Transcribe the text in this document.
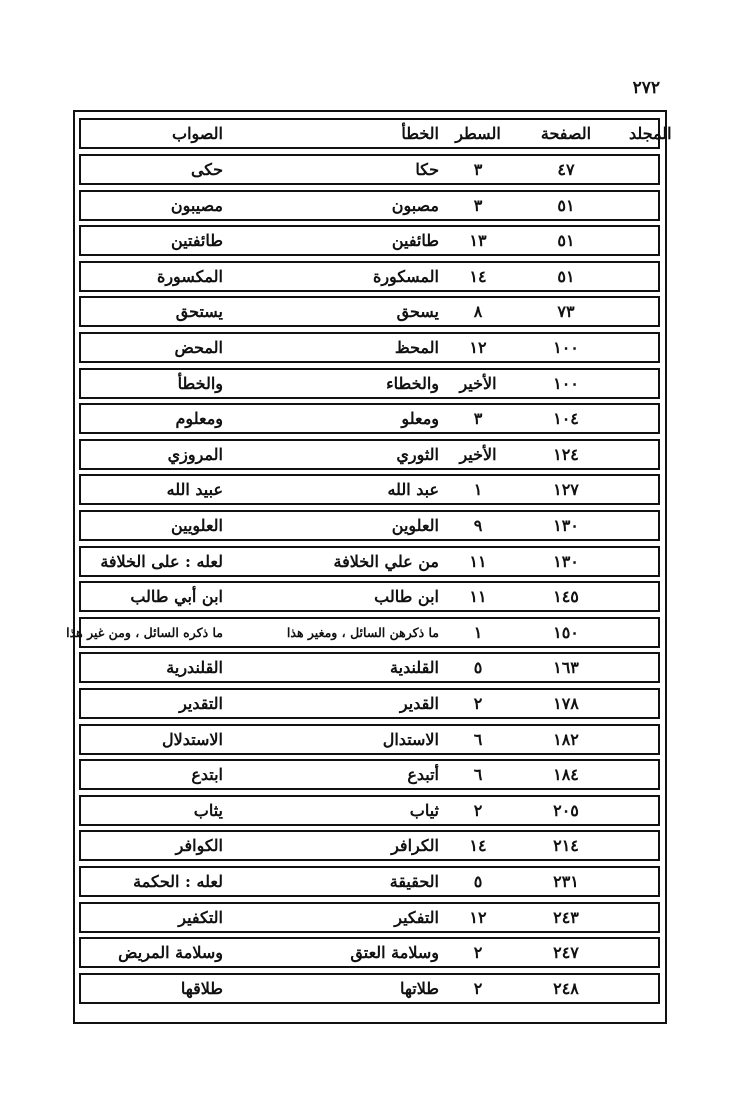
٢٧٢
المجلد
الصفحة
السطر
الخطأ
الصواب
٤٧
٣
حكا
حكى
٥١
٣
مصبون
مصيبون
٥١
١٣
طائفين
طائفتين
٥١
١٤
المسكورة
المكسورة
٧٣
٨
يسحق
يستحق
١٠٠
١٢
المحظ
المحض
١٠٠
الأخير
والخطاء
والخطأ
١٠٤
٣
ومعلو
ومعلوم
١٢٤
الأخير
الثوري
المروزي
١٢٧
١
عبد الله
عبيد الله
١٣٠
٩
العلوين
العلويين
١٣٠
١١
من علي الخلافة
لعله : على الخلافة
١٤٥
١١
ابن طالب
ابن أبي طالب
١٥٠
١
ما ذكرهن السائل ، ومغير هذا
ما ذكره السائل ، ومن غير هذا
١٦٣
٥
القلندية
القلندرية
١٧٨
٢
القدير
التقدير
١٨٢
٦
الاستدال
الاستدلال
١٨٤
٦
أتبدع
ابتدع
٢٠٥
٢
ثياب
يثاب
٢١٤
١٤
الكرافر
الكوافر
٢٣١
٥
الحقيقة
لعله : الحكمة
٢٤٣
١٢
التفكير
التكفير
٢٤٧
٢
وسلامة العتق
وسلامة المريض
٢٤٨
٢
طلاتها
طلاقها
